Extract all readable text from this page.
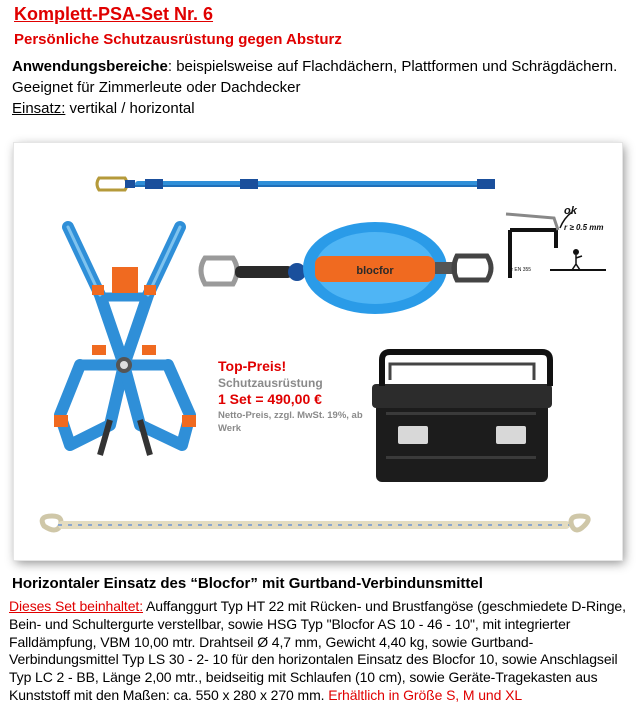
Komplett-PSA-Set Nr. 6
Persönliche Schutzausrüstung gegen Absturz
Anwendungsbereiche: beispielsweise auf Flachdächern, Plattformen und Schrägdächern. Geeignet für Zimmerleute oder Dachdecker
Einsatz: vertikal / horizontal
blocfor
ok
r ≥ 0.5 mm
Pr EN 355
Top-Preis!
Schutzausrüstung
1 Set = 490,00 €
Netto-Preis, zzgl. MwSt. 19%, ab Werk
Horizontaler Einsatz des “Blocfor” mit Gurtband-Verbindunsmittel
Dieses Set beinhaltet: Auffanggurt Typ HT 22 mit Rücken- und Brustfangöse (geschmiedete D-Ringe, Bein- und Schultergurte verstellbar, sowie HSG Typ "Blocfor AS 10 - 46 - 10", mit integrierter Falldämpfung, VBM 10,00 mtr. Drahtseil Ø 4,7 mm, Gewicht 4,40 kg, sowie Gurtband-Verbindungsmittel Typ LS 30 - 2- 10 für den horizontalen Einsatz des Blocfor 10, sowie Anschlagseil Typ LC 2 - BB, Länge 2,00 mtr., beidseitig mit Schlaufen (10 cm), sowie Geräte-Tragekasten aus Kunststoff mit den Maßen: ca. 550 x 280 x 270 mm. Erhältlich in Größe S, M und XL
